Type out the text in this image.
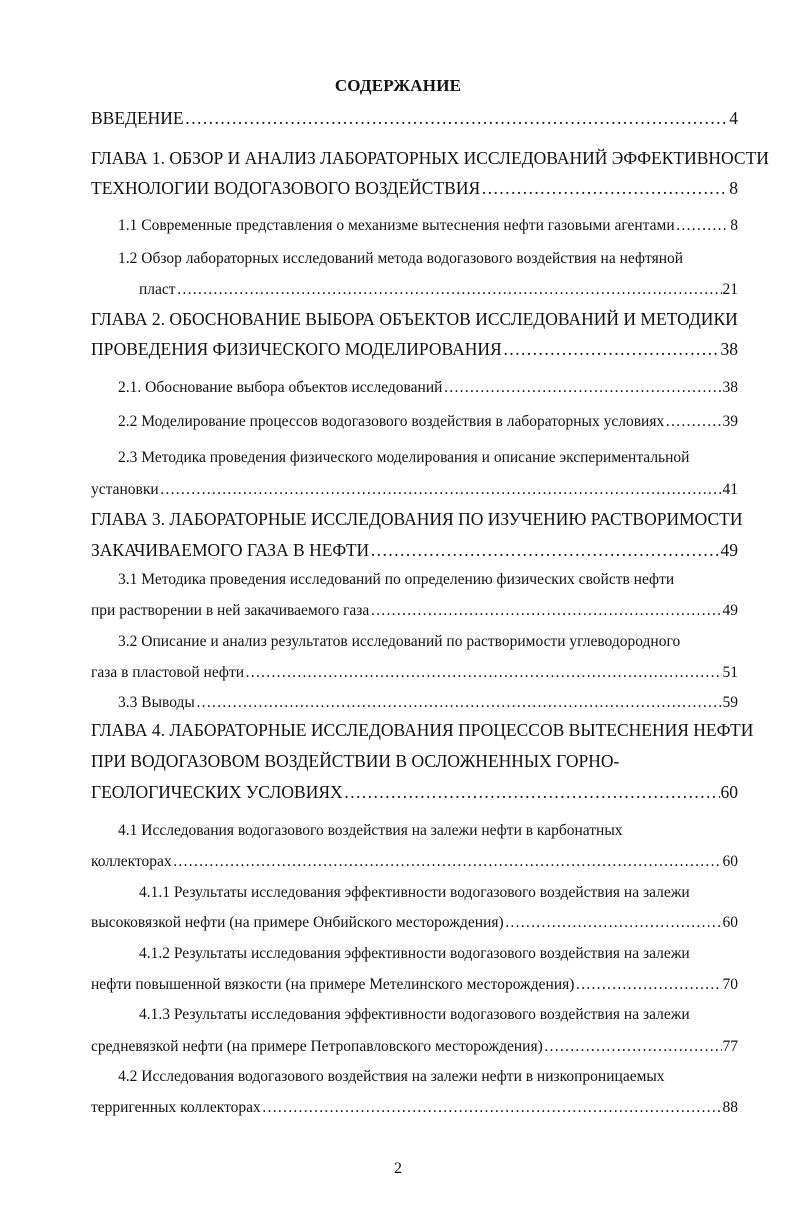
СОДЕРЖАНИЕ
ВВЕДЕНИЕ ……………………………………………………………………………………………………………………………………………………………………………………………………………………………………………………………………………………	4
ГЛАВА 1. ОБЗОР И АНАЛИЗ ЛАБОРАТОРНЫХ ИССЛЕДОВАНИЙ ЭФФЕКТИВНОСТИ
ТЕХНОЛОГИИ ВОДОГАЗОВОГО ВОЗДЕЙСТВИЯ ……………………………………………………………………………………………………………………………………………………………………………………………………………………………………………………………………………………	8
1.1 Современные представления о механизме вытеснения нефти газовыми агентами ……………………………………………………………………………………………………………………………………………………………………………………………………………………………………………………………………………………	8
1.2 Обзор лабораторных исследований метода водогазового воздействия на нефтяной
пласт ……………………………………………………………………………………………………………………………………………………………………………………………………………………………………………………………………………………	21
ГЛАВА 2. ОБОСНОВАНИЕ ВЫБОРА ОБЪЕКТОВ ИССЛЕДОВАНИЙ И МЕТОДИКИ
ПРОВЕДЕНИЯ ФИЗИЧЕСКОГО МОДЕЛИРОВАНИЯ ……………………………………………………………………………………………………………………………………………………………………………………………………………………………………………………………………………………	38
2.1. Обоснование выбора объектов исследований ……………………………………………………………………………………………………………………………………………………………………………………………………………………………………………………………………………………	38
2.2 Моделирование процессов водогазового воздействия в лабораторных условиях ……………………………………………………………………………………………………………………………………………………………………………………………………………………………………………………………………………………	39
2.3 Методика проведения физического моделирования и описание экспериментальной
установки ……………………………………………………………………………………………………………………………………………………………………………………………………………………………………………………………………………………	41
ГЛАВА 3. ЛАБОРАТОРНЫЕ ИССЛЕДОВАНИЯ ПО ИЗУЧЕНИЮ РАСТВОРИМОСТИ
ЗАКАЧИВАЕМОГО ГАЗА В НЕФТИ ……………………………………………………………………………………………………………………………………………………………………………………………………………………………………………………………………………………	49
3.1 Методика проведения исследований по определению физических свойств нефти
при растворении в ней закачиваемого газа ……………………………………………………………………………………………………………………………………………………………………………………………………………………………………………………………………………………	49
3.2 Описание и анализ результатов исследований по растворимости углеводородного
газа в пластовой нефти ……………………………………………………………………………………………………………………………………………………………………………………………………………………………………………………………………………………	51
3.3 Выводы ……………………………………………………………………………………………………………………………………………………………………………………………………………………………………………………………………………………	59
ГЛАВА 4. ЛАБОРАТОРНЫЕ ИССЛЕДОВАНИЯ ПРОЦЕССОВ ВЫТЕСНЕНИЯ НЕФТИ
ПРИ ВОДОГАЗОВОМ ВОЗДЕЙСТВИИ В ОСЛОЖНЕННЫХ ГОРНО-
ГЕОЛОГИЧЕСКИХ УСЛОВИЯХ ……………………………………………………………………………………………………………………………………………………………………………………………………………………………………………………………………………………	60
4.1 Исследования водогазового воздействия на залежи нефти в карбонатных
коллекторах ……………………………………………………………………………………………………………………………………………………………………………………………………………………………………………………………………………………	60
4.1.1 Результаты исследования эффективности водогазового воздействия на залежи
высоковязкой нефти (на примере Онбийского месторождения) ……………………………………………………………………………………………………………………………………………………………………………………………………………………………………………………………………………………	60
4.1.2 Результаты исследования эффективности водогазового воздействия на залежи
нефти повышенной вязкости (на примере Метелинского месторождения) ……………………………………………………………………………………………………………………………………………………………………………………………………………………………………………………………………………………	70
4.1.3 Результаты исследования эффективности водогазового воздействия на залежи
средневязкой нефти (на примере Петропавловского месторождения) ……………………………………………………………………………………………………………………………………………………………………………………………………………………………………………………………………………………	77
4.2 Исследования водогазового воздействия на залежи нефти в низкопроницаемых
терригенных коллекторах ……………………………………………………………………………………………………………………………………………………………………………………………………………………………………………………………………………………	88
2
